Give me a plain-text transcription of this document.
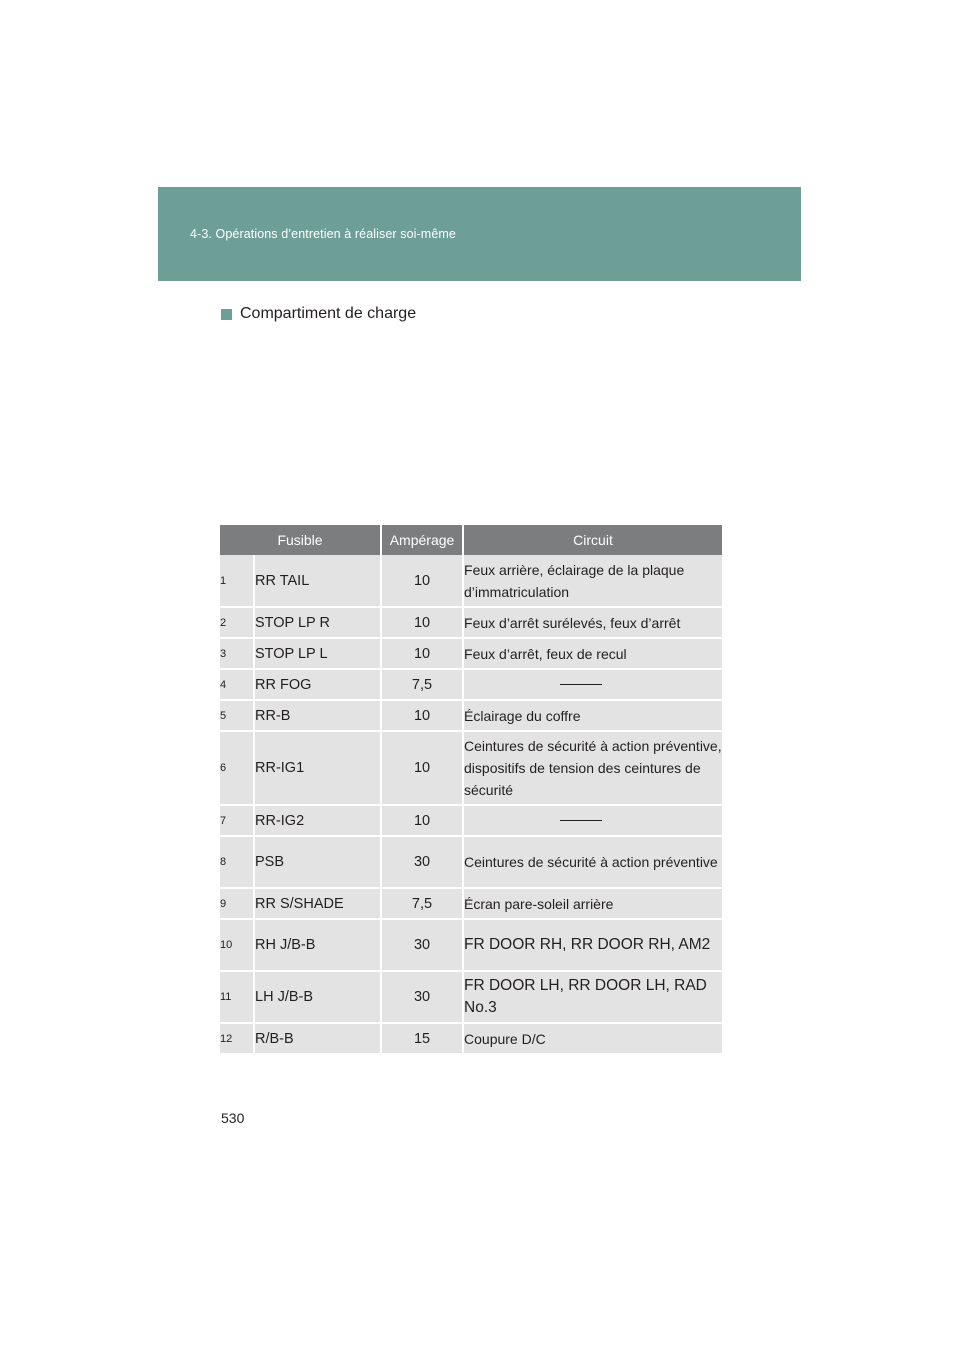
4-3. Opérations d’entretien à réaliser soi-même
Compartiment de charge
Fusible		Ampérage	Circuit
1	RR TAIL	10	Feux arrière, éclairage de la plaque d’immatriculation
2	STOP LP R	10	Feux d’arrêt surélevés, feux d’arrêt
3	STOP LP L	10	Feux d’arrêt, feux de recul
4	RR FOG	7,5	

5	RR-B	10	Éclairage du coffre
6	RR-IG1	10	Ceintures de sécurité à action préventive, dispositifs de tension des ceintures de sécurité
7	RR-IG2	10	

8	PSB	30	Ceintures de sécurité à action préventive
9	RR S/SHADE	7,5	Écran pare-soleil arrière
10	RH J/B-B	30	FR DOOR RH, RR DOOR RH, AM2
11	LH J/B-B	30	FR DOOR LH, RR DOOR LH, RAD No.3
12	R/B-B	15	Coupure D/C
530
